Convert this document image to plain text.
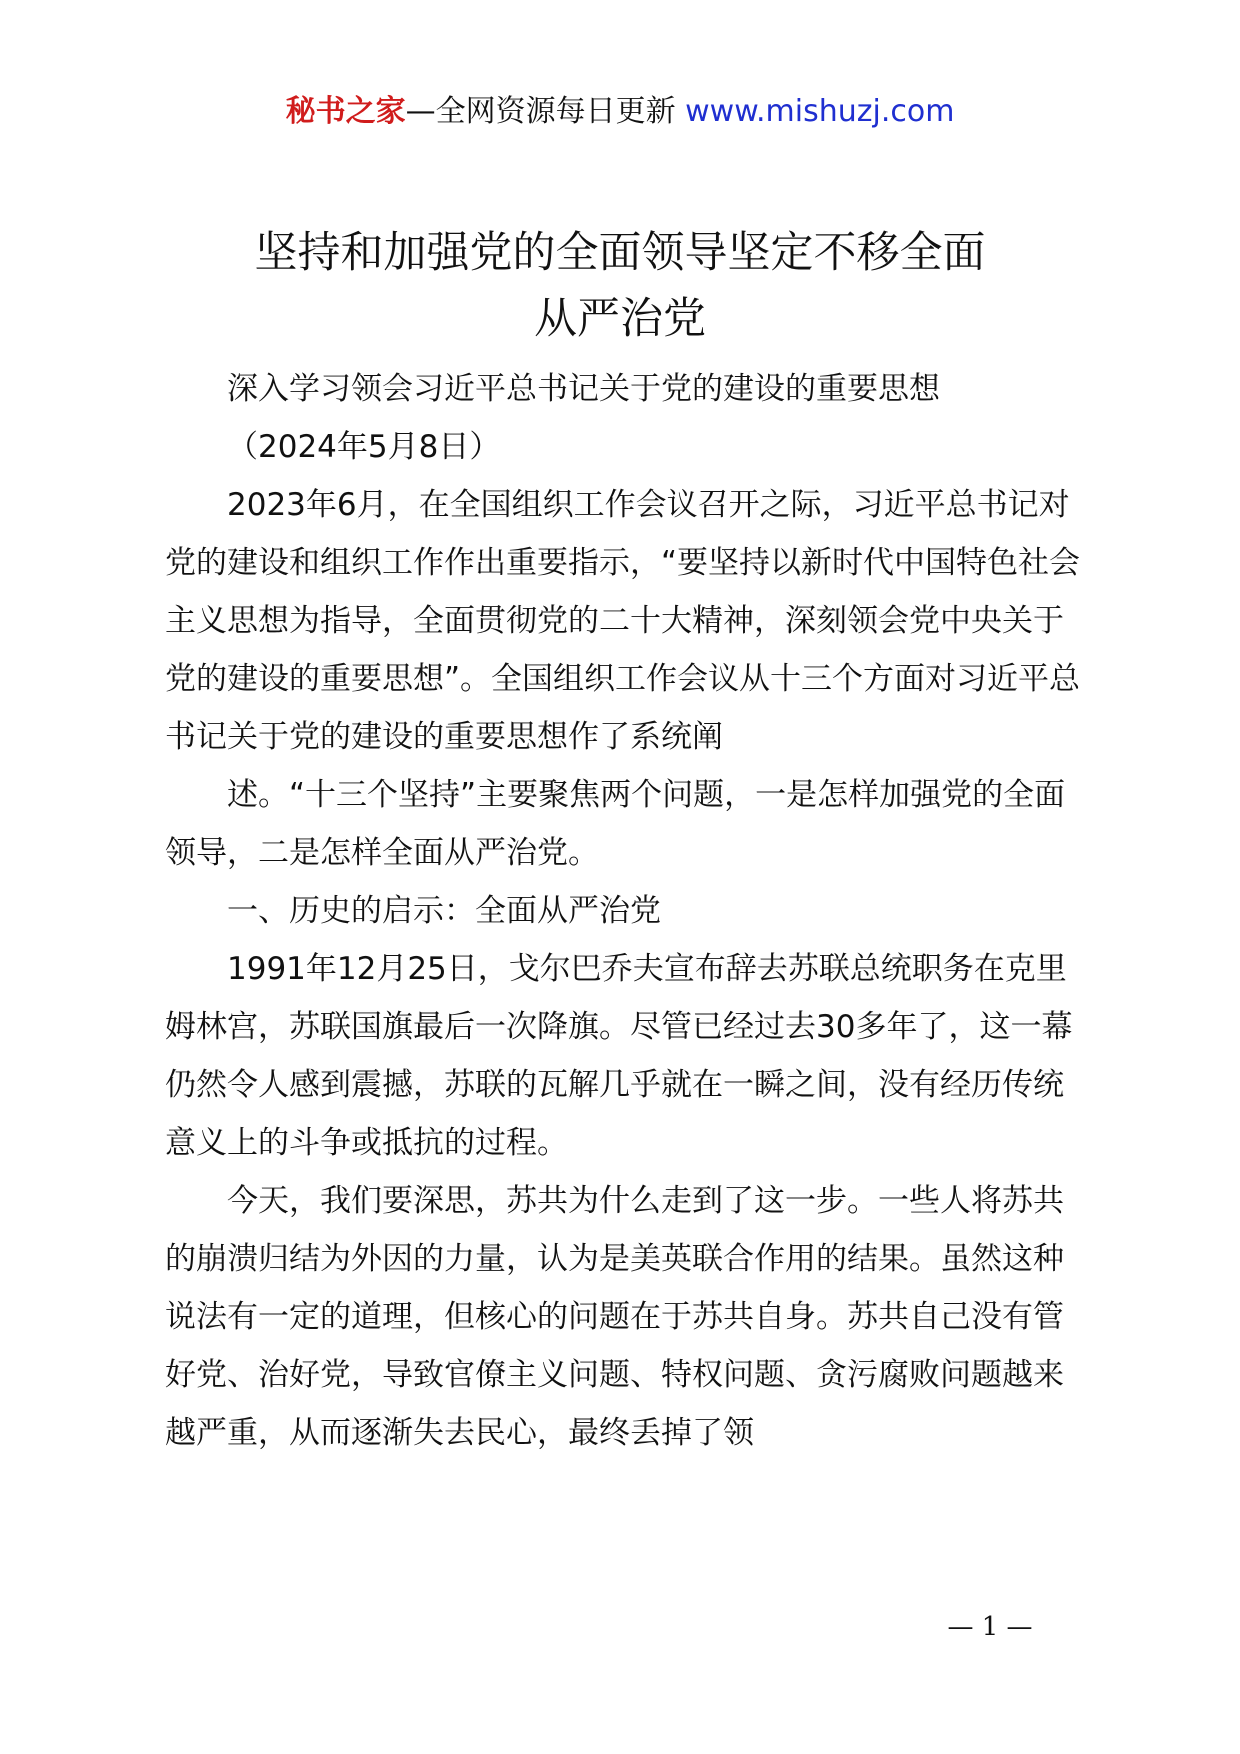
秘书之家—全网资源每日更新 www.mishuzj.com
坚持和加强党的全面领导坚定不移全面
从严治党

深入学习领会习近平总书记关于党的建设的重要思想

（2024年5月8日）

2023年6月，在全国组织工作会议召开之际，习近平总书记对党的建设和组织工作作出重要指示，“要坚持以新时代中国特色社会主义思想为指导，全面贯彻党的二十大精神，深刻领会党中央关于党的建设的重要思想”。全国组织工作会议从十三个方面对习近平总书记关于党的建设的重要思想作了系统阐

述。“十三个坚持”主要聚焦两个问题，一是怎样加强党的全面领导，二是怎样全面从严治党。

一、历史的启示：全面从严治党

1991年12月25日，戈尔巴乔夫宣布辞去苏联总统职务在克里姆林宫，苏联国旗最后一次降旗。尽管已经过去30多年了，这一幕仍然令人感到震撼，苏联的瓦解几乎就在一瞬之间，没有经历传统意义上的斗争或抵抗的过程。

今天，我们要深思，苏共为什么走到了这一步。一些人将苏共的崩溃归结为外因的力量，认为是美英联合作用的结果。虽然这种说法有一定的道理，但核心的问题在于苏共自身。苏共自己没有管好党、治好党，导致官僚主义问题、特权问题、贪污腐败问题越来越严重，从而逐渐失去民心，最终丢掉了领

— 1 —
